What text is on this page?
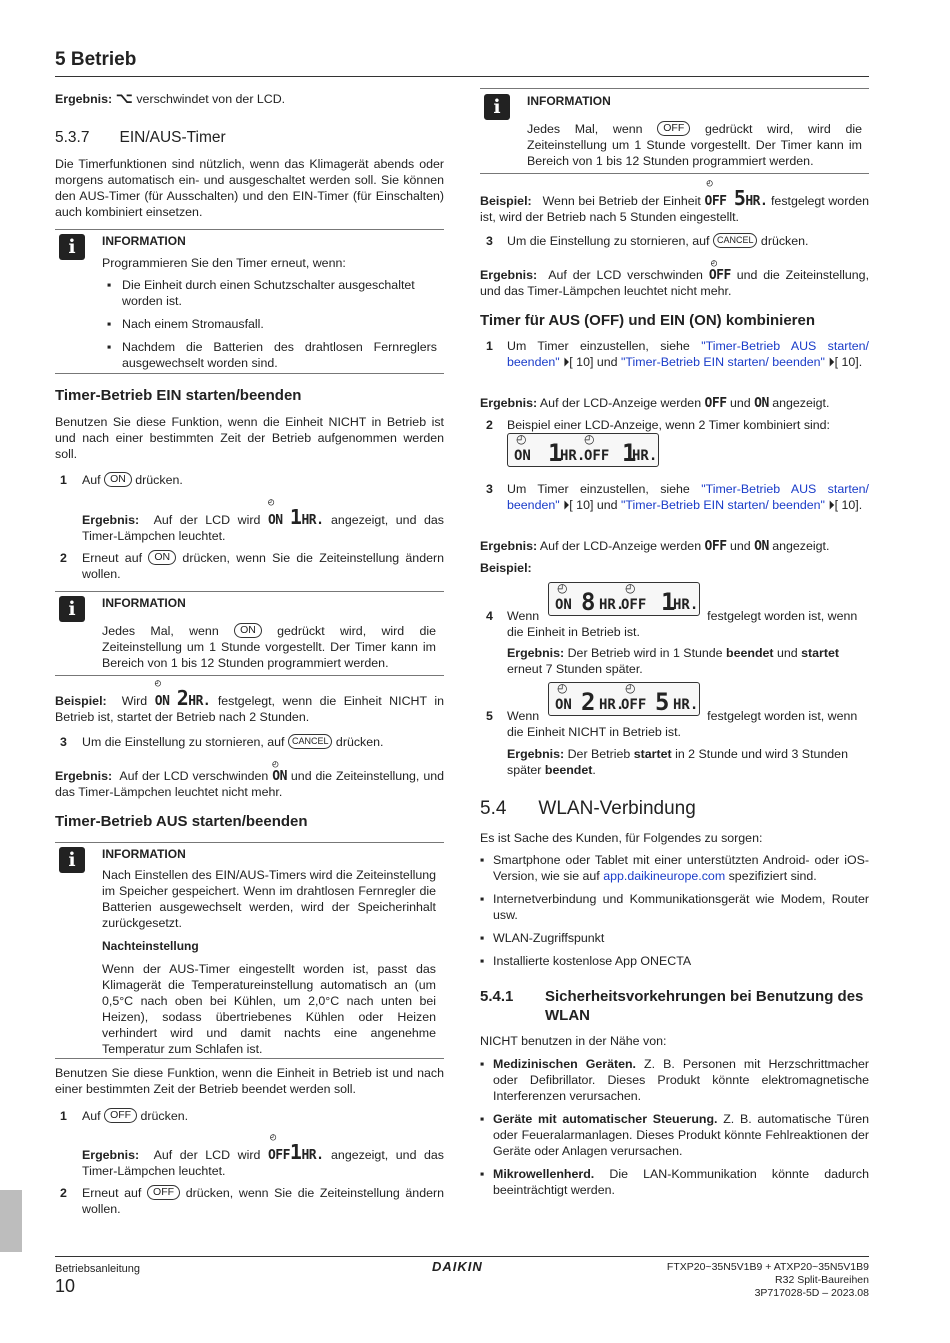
5 Betrieb

Ergebnis: ⌥ verschwindet von der LCD.

5.3.7 EIN/AUS-Timer

Die Timerfunktionen sind nützlich, wenn das Klimagerät abends oder morgens automatisch ein- und ausgeschaltet werden soll. Sie können den AUS-Timer (für Ausschalten) und den EIN-Timer (für Einschalten) auch kombiniert einsetzen.

i	INFORMATION

Programmieren Sie den Timer erneut, wenn:

▪ Die Einheit durch einen Schutzschalter ausgeschaltet worden ist.
▪ Nach einem Stromausfall.
▪ Nachdem die Batterien des drahtlosen Fernreglers ausgewechselt worden sind.
Timer-Betrieb EIN starten/beenden

Benutzen Sie diese Funktion, wenn die Einheit NICHT in Betrieb ist und nach einer bestimmten Zeit der Betrieb aufgenommen werden soll.

1 Auf ON drücken.

Ergebnis: Auf der LCD wird
◴
ON 1HR. angezeigt, und das Timer-Lämpchen leuchtet.
2 Erneut auf ON drücken, wenn Sie die Zeiteinstellung ändern wollen.

i	INFORMATION

Jedes Mal, wenn ON gedrückt wird, wird die Zeiteinstellung um 1 Stunde vorgestellt. Der Timer kann im Bereich von 1 bis 12 Stunden programmiert werden.

Beispiel: Wird
◴
ON 2HR. festgelegt, wenn die Einheit NICHT in Betrieb ist, startet der Betrieb nach 2 Stunden.
3 Um die Einstellung zu stornieren, auf CANCEL drücken.

Ergebnis: Auf der LCD verschwinden
◴
ON und die Zeiteinstellung, und das Timer-Lämpchen leuchtet nicht mehr.
Timer-Betrieb AUS starten/beenden
i	INFORMATION

Nach Einstellen des EIN/AUS-Timers wird die Zeiteinstellung im Speicher gespeichert. Wenn im drahtlosen Fernregler die Batterien ausgewechselt werden, wird der Speicherinhalt zurückgesetzt.

Nachteinstellung

Wenn der AUS-Timer eingestellt worden ist, passt das Klimagerät die Temperatureinstellung automatisch an (um 0,5°C nach oben bei Kühlen, um 2,0°C nach unten bei Heizen), sodass übertriebenes Kühlen oder Heizen verhindert wird und damit nachts eine angenehme Temperatur zum Schlafen ist.

Benutzen Sie diese Funktion, wenn die Einheit in Betrieb ist und nach einer bestimmten Zeit der Betrieb beendet werden soll.

1 Auf OFF drücken.

Ergebnis: Auf der LCD wird
◴
OFF1HR. angezeigt, und das Timer-Lämpchen leuchtet.
2 Erneut auf OFF drücken, wenn Sie die Zeiteinstellung ändern wollen.

i	INFORMATION

Jedes Mal, wenn OFF gedrückt wird, wird die Zeiteinstellung um 1 Stunde vorgestellt. Der Timer kann im Bereich von 1 bis 12 Stunden programmiert werden.

Beispiel: Wenn bei Betrieb der Einheit
◴
OFF 5HR. festgelegt worden ist, wird der Betrieb nach 5 Stunden eingestellt.
3 Um die Einstellung zu stornieren, auf CANCEL drücken.

Ergebnis: Auf der LCD verschwinden
◴
OFF und die Zeiteinstellung, und das Timer-Lämpchen leuchtet nicht mehr.
Timer für AUS (OFF) und EIN (ON) kombinieren
1 Um Timer einzustellen, siehe "Timer-Betrieb AUS starten/ beenden" ⏵[ 10] und "Timer-Betrieb EIN starten/ beenden" ⏵[ 10].

Ergebnis: Auf der LCD-Anzeige werden OFF und ON angezeigt.
2 Beispiel einer LCD-Anzeige, wenn 2 Timer kombiniert sind:

◴	◴
ON 1
HR.
OFF 1
HR.
3 Um Timer einzustellen, siehe "Timer-Betrieb AUS starten/ beenden" ⏵[ 10] und "Timer-Betrieb EIN starten/ beenden" ⏵[ 10].

Ergebnis: Auf der LCD-Anzeige werden OFF und ON angezeigt.

Beispiel:

◴	◴
ON 8 HR.
OFF 1
HR.
4 Wenn	festgelegt worden ist, wenn die Einheit in Betrieb ist.

Ergebnis: Der Betrieb wird in 1 Stunde beendet und startet erneut 7 Stunden später.
◴	◴
ON 2 HR.
OFF 5 HR.
5 Wenn	festgelegt worden ist, wenn die Einheit NICHT in Betrieb ist.

Ergebnis: Der Betrieb startet in 2 Stunde und wird 3 Stunden später beendet.
5.4 WLAN-Verbindung

Es ist Sache des Kunden, für Folgendes zu sorgen:

▪ Smartphone oder Tablet mit einer unterstützten Android- oder iOS-Version, wie sie auf app.daikineurope.com spezifiziert sind.
▪ Internetverbindung und Kommunikationsgerät wie Modem, Router usw.
▪ WLAN-Zugriffspunkt
▪ Installierte kostenlose App ONECTA
5.4.1 Sicherheitsvorkehrungen bei Benutzung des WLAN

NICHT benutzen in der Nähe von:

▪ Medizinischen Geräten. Z. B. Personen mit Herzschrittmacher oder Defibrillator. Dieses Produkt könnte elektromagnetische Interferenzen verursachen.
▪ Geräte mit automatischer Steuerung. Z. B. automatische Türen oder Feueralarmanlagen. Dieses Produkt könnte Fehlreaktionen der Geräte oder Anlagen verursachen.
▪ Mikrowellenherd. Die LAN-Kommunikation könnte dadurch beeinträchtigt werden.

Betriebsanleitung

10

DAIKIN	FTXP20~35N5V1B9 + ATXP20~35N5V1B9
R32 Split-Baureihen
3P717028-5D – 2023.08
